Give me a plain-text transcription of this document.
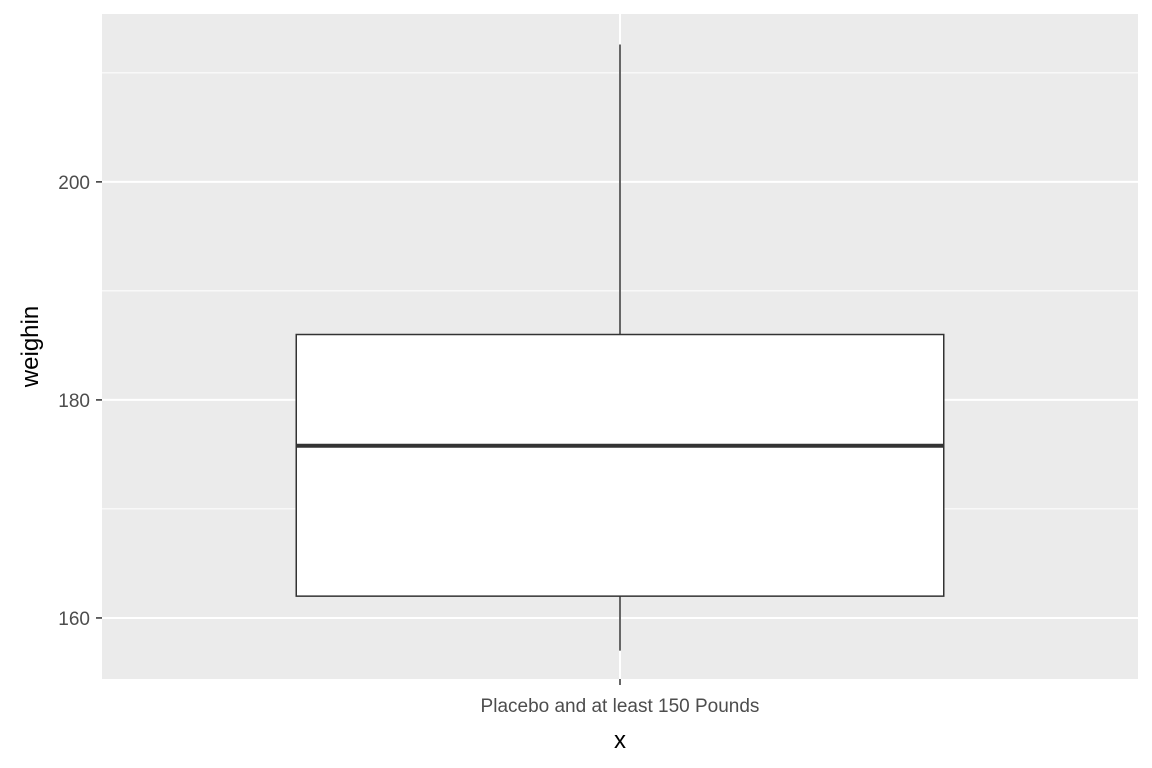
160
180
200
Placebo and at least 150 Pounds
x
weighin
